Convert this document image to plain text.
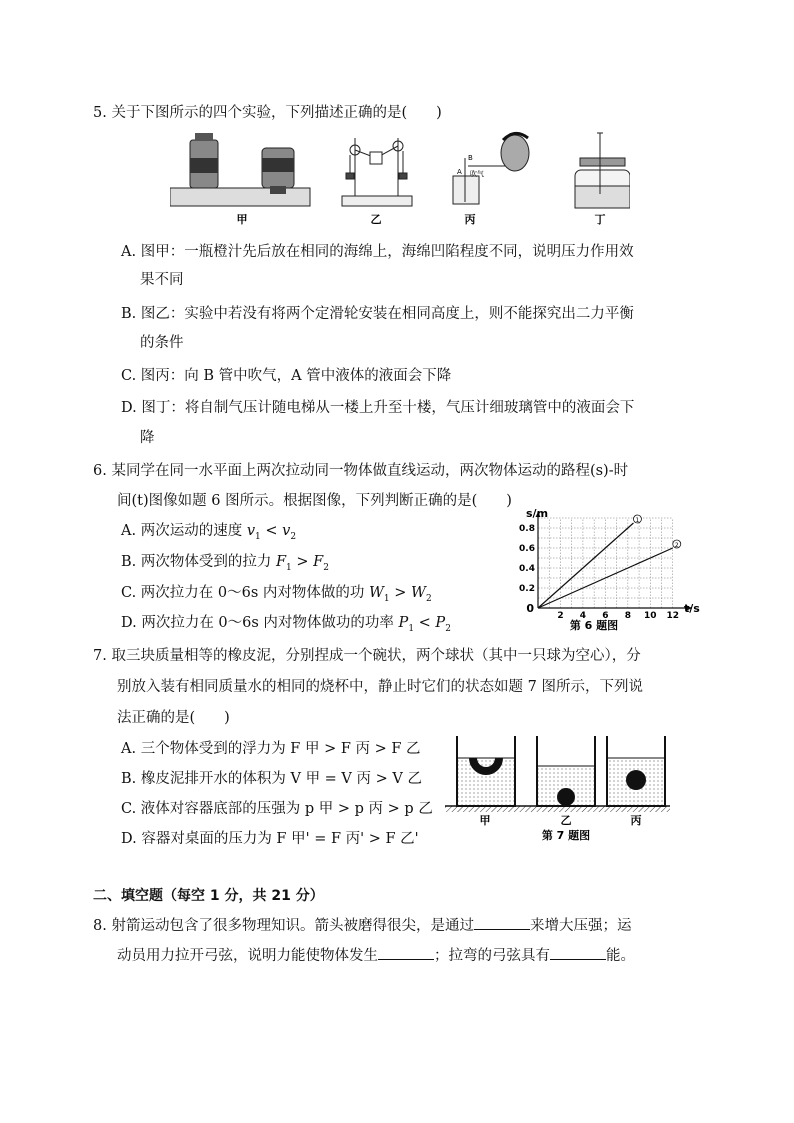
5. 关于下图所示的四个实验，下列描述正确的是(　　)
B
吹气
A
甲	乙	丙	丁
A. 图甲：一瓶橙汁先后放在相同的海绵上，海绵凹陷程度不同，说明压力作用效
果不同
B. 图乙：实验中若没有将两个定滑轮安装在相同高度上，则不能探究出二力平衡
的条件
C. 图丙：向 B 管中吹气，A 管中液体的液面会下降
D. 图丁：将自制气压计随电梯从一楼上升至十楼，气压计细玻璃管中的液面会下
降
6. 某同学在同一水平面上两次拉动同一物体做直线运动，两次物体运动的路程(s)-时
间(t)图像如题 6 图所示。根据图像，下列判断正确的是(　　)
A. 两次运动的速度 $v_1 < v_2$
B. 两次物体受到的拉力 $F_1 > F_2$
C. 两次拉力在 0～6s 内对物体做的功 $W_1 > W_2$
D. 两次拉力在 0～6s 内对物体做功的功率 $P_1 < P_2$
1
2
2 4 6 8 10 12
0.2
0.4
0.6
0.8
s/m
t/s
0
第 6 题图
7. 取三块质量相等的橡皮泥，分别捏成一个碗状，两个球状（其中一只球为空心），分
别放入装有相同质量水的相同的烧杯中，静止时它们的状态如题 7 图所示，下列说
法正确的是(　　)
A. 三个物体受到的浮力为 F 甲 > F 丙 > F 乙
B. 橡皮泥排开水的体积为 V 甲 = V 丙 > V 乙
C. 液体对容器底部的压强为 p 甲 > p 丙 > p 乙
D. 容器对桌面的压力为 F 甲' = F 丙' > F 乙'
甲	乙	丙
第 7 题图
二、填空题（每空 1 分，共 21 分）
8. 射箭运动包含了很多物理知识。箭头被磨得很尖，是通过	来增大压强；运
动员用力拉开弓弦，说明力能使物体发生	；拉弯的弓弦具有	能。
